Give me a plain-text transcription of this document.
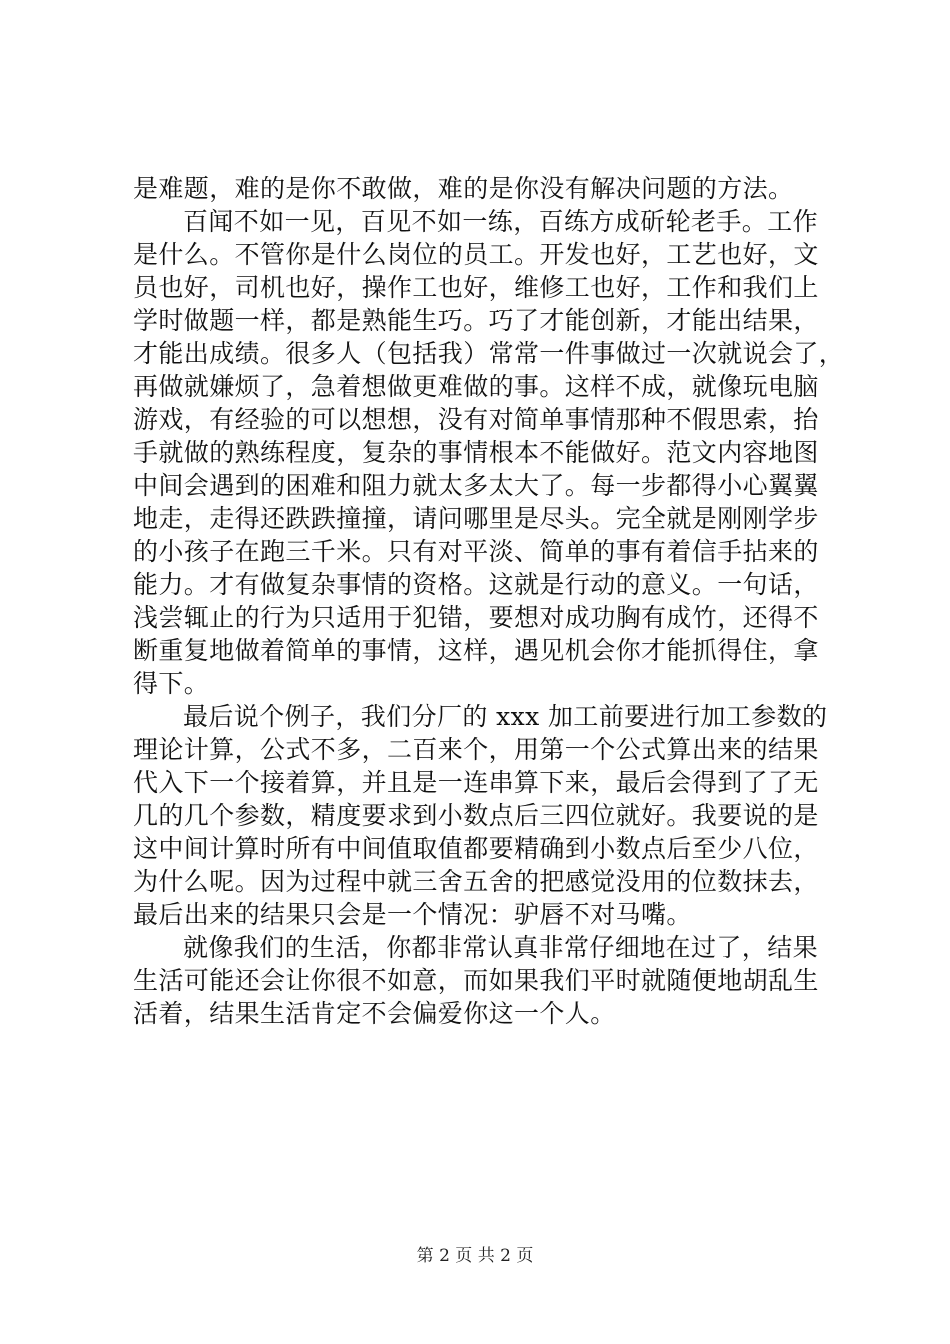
是难题，难的是你不敢做，难的是你没有解决问题的方法。
百闻不如一见，百见不如一练，百练方成斫轮老手。工作
是什么。不管你是什么岗位的员工。开发也好，工艺也好，文
员也好，司机也好，操作工也好，维修工也好，工作和我们上
学时做题一样，都是熟能生巧。巧了才能创新，才能出结果，
才能出成绩。很多人（包括我）常常一件事做过一次就说会了，
再做就嫌烦了，急着想做更难做的事。这样不成，就像玩电脑
游戏，有经验的可以想想，没有对简单事情那种不假思索，抬
手就做的熟练程度，复杂的事情根本不能做好。范文内容地图
中间会遇到的困难和阻力就太多太大了。每一步都得小心翼翼
地走，走得还跌跌撞撞，请问哪里是尽头。完全就是刚刚学步
的小孩子在跑三千米。只有对平淡、简单的事有着信手拈来的
能力。才有做复杂事情的资格。这就是行动的意义。一句话，
浅尝辄止的行为只适用于犯错，要想对成功胸有成竹，还得不
断重复地做着简单的事情，这样，遇见机会你才能抓得住，拿
得下。
最后说个例子，我们分厂的 xxx 加工前要进行加工参数的
理论计算，公式不多，二百来个，用第一个公式算出来的结果
代入下一个接着算，并且是一连串算下来，最后会得到了了无
几的几个参数，精度要求到小数点后三四位就好。我要说的是
这中间计算时所有中间值取值都要精确到小数点后至少八位，
为什么呢。因为过程中就三舍五舍的把感觉没用的位数抹去，
最后出来的结果只会是一个情况：驴唇不对马嘴。
就像我们的生活，你都非常认真非常仔细地在过了，结果
生活可能还会让你很不如意，而如果我们平时就随便地胡乱生
活着，结果生活肯定不会偏爱你这一个人。
第 2 页 共 2 页
